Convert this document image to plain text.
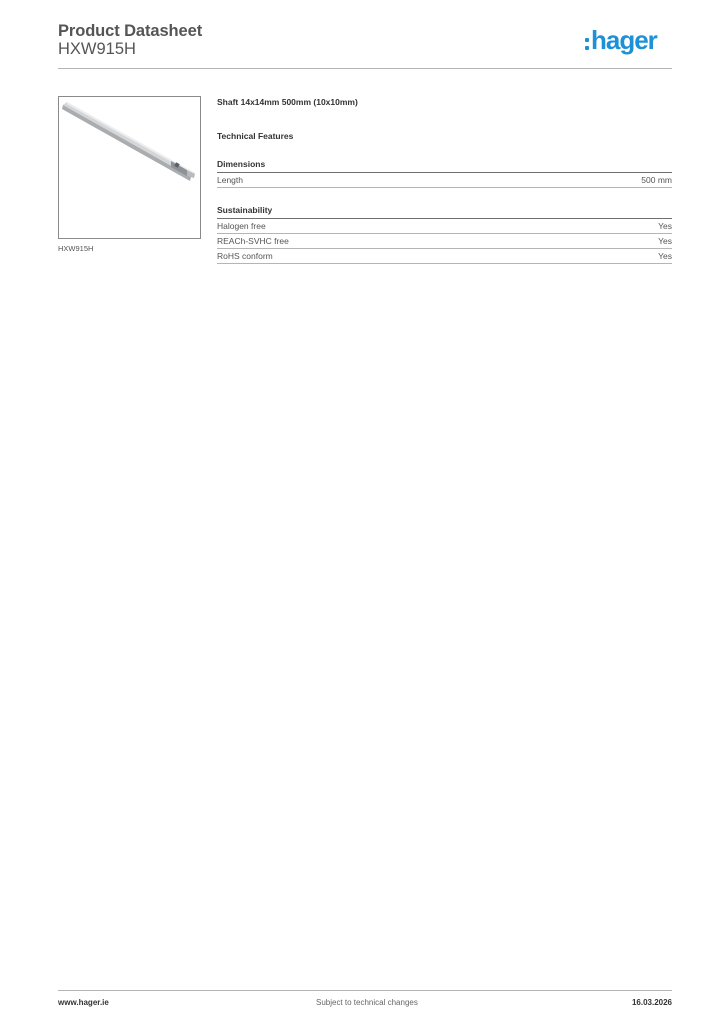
Product Datasheet
HXW915H	hager
HXW915H
Shaft 14x14mm 500mm (10x10mm)
Technical Features
Dimensions
Length	500 mm
Sustainability
Halogen free	Yes
REACh-SVHC free	Yes
RoHS conform	Yes
www.hager.ie	Subject to technical changes	16.03.2026
